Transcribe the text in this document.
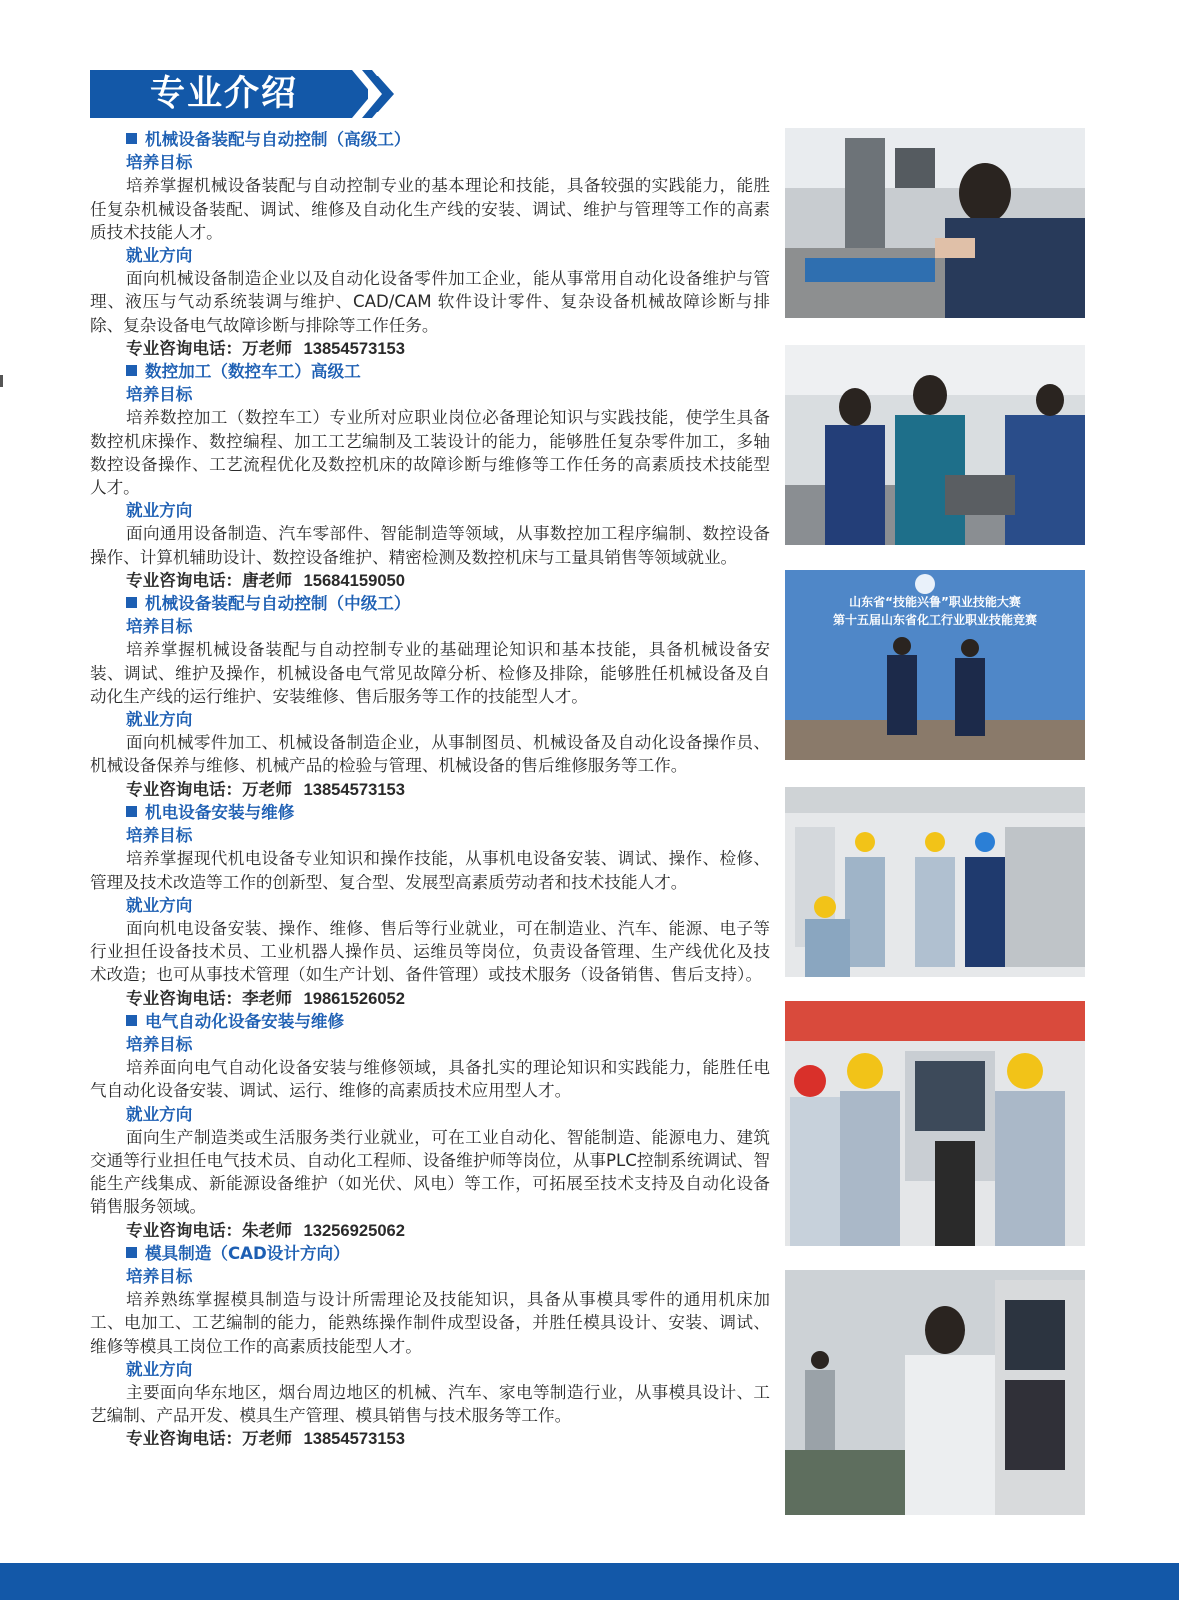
专业介绍
机械设备装配与自动控制（高级工）
培养目标

培养掌握机械设备装配与自动控制专业的基本理论和技能，具备较强的实践能力，能胜任复杂机械设备装配、调试、维修及自动化生产线的安装、调试、维护与管理等工作的高素质技术技能人才。

就业方向

面向机械设备制造企业以及自动化设备零件加工企业，能从事常用自动化设备维护与管理、液压与气动系统装调与维护、CAD/CAM 软件设计零件、复杂设备机械故障诊断与排除、复杂设备电气故障诊断与排除等工作任务。

专业咨询电话：万老师 13854573153
数控加工（数控车工）高级工
培养目标

培养数控加工（数控车工）专业所对应职业岗位必备理论知识与实践技能，使学生具备数控机床操作、数控编程、加工工艺编制及工装设计的能力，能够胜任复杂零件加工，多轴数控设备操作、工艺流程优化及数控机床的故障诊断与维修等工作任务的高素质技术技能型人才。

就业方向

面向通用设备制造、汽车零部件、智能制造等领域，从事数控加工程序编制、数控设备操作、计算机辅助设计、数控设备维护、精密检测及数控机床与工量具销售等领域就业。

专业咨询电话：唐老师 15684159050
机械设备装配与自动控制（中级工）
培养目标

培养掌握机械设备装配与自动控制专业的基础理论知识和基本技能，具备机械设备安装、调试、维护及操作，机械设备电气常见故障分析、检修及排除，能够胜任机械设备及自动化生产线的运行维护、安装维修、售后服务等工作的技能型人才。

就业方向

面向机械零件加工、机械设备制造企业，从事制图员、机械设备及自动化设备操作员、机械设备保养与维修、机械产品的检验与管理、机械设备的售后维修服务等工作。

专业咨询电话：万老师 13854573153
机电设备安装与维修
培养目标

培养掌握现代机电设备专业知识和操作技能，从事机电设备安装、调试、操作、检修、管理及技术改造等工作的创新型、复合型、发展型高素质劳动者和技术技能人才。

就业方向

面向机电设备安装、操作、维修、售后等行业就业，可在制造业、汽车、能源、电子等行业担任设备技术员、工业机器人操作员、运维员等岗位，负责设备管理、生产线优化及技术改造；也可从事技术管理（如生产计划、备件管理）或技术服务（设备销售、售后支持）。

专业咨询电话：李老师 19861526052
电气自动化设备安装与维修
培养目标

培养面向电气自动化设备安装与维修领域，具备扎实的理论知识和实践能力，能胜任电气自动化设备安装、调试、运行、维修的高素质技术应用型人才。

就业方向

面向生产制造类或生活服务类行业就业，可在工业自动化、智能制造、能源电力、建筑交通等行业担任电气技术员、自动化工程师、设备维护师等岗位，从事PLC控制系统调试、智能生产线集成、新能源设备维护（如光伏、风电）等工作，可拓展至技术支持及自动化设备销售服务领域。

专业咨询电话：朱老师 13256925062
模具制造（CAD设计方向）
培养目标

培养熟练掌握模具制造与设计所需理论及技能知识，具备从事模具零件的通用机床加工、电加工、工艺编制的能力，能熟练操作制件成型设备，并胜任模具设计、安装、调试、维修等模具工岗位工作的高素质技能型人才。

就业方向

主要面向华东地区，烟台周边地区的机械、汽车、家电等制造行业，从事模具设计、工艺编制、产品开发、模具生产管理、模具销售与技术服务等工作。

专业咨询电话：万老师 13854573153
山东省“技能兴鲁”职业技能大赛
第十五届山东省化工行业职业技能竞赛
